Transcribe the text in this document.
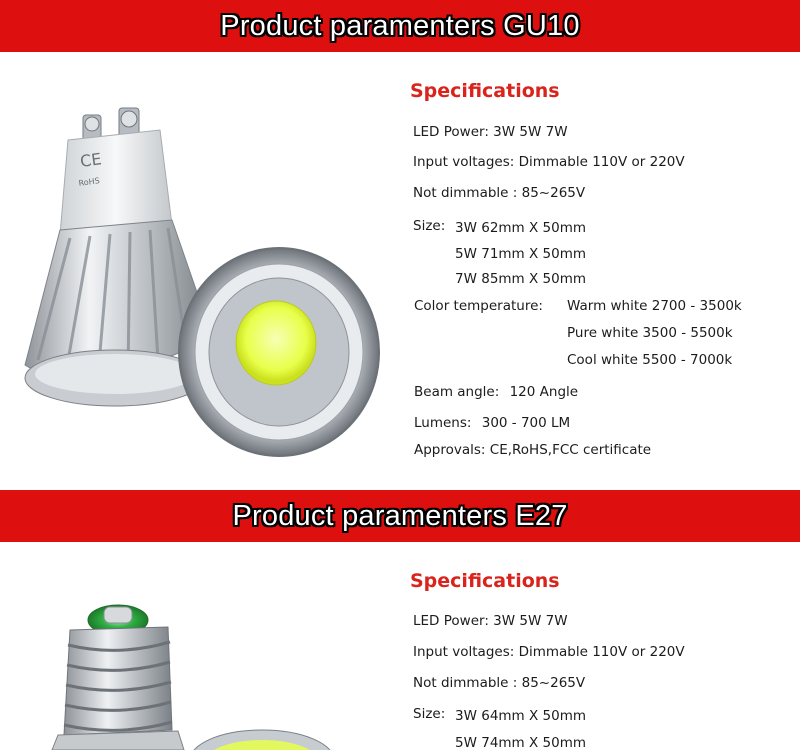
Product paramenters GU10
CE
RoHS
Specifications
LED Power: 3W 5W 7W
Input voltages: Dimmable 110V or 220V
Not dimmable : 85~265V
Size: 3W 62mm X 50mm
5W 71mm X 50mm
7W 85mm X 50mm
Color temperature: Warm white 2700 - 3500k
Pure white 3500 - 5500k
Cool white 5500 - 7000k
Beam angle: 120 Angle
Lumens: 300 - 700 LM
Approvals: CE,RoHS,FCC certificate
Product paramenters E27
Specifications
LED Power: 3W 5W 7W
Input voltages: Dimmable 110V or 220V
Not dimmable : 85~265V
Size: 3W 64mm X 50mm
5W 74mm X 50mm
